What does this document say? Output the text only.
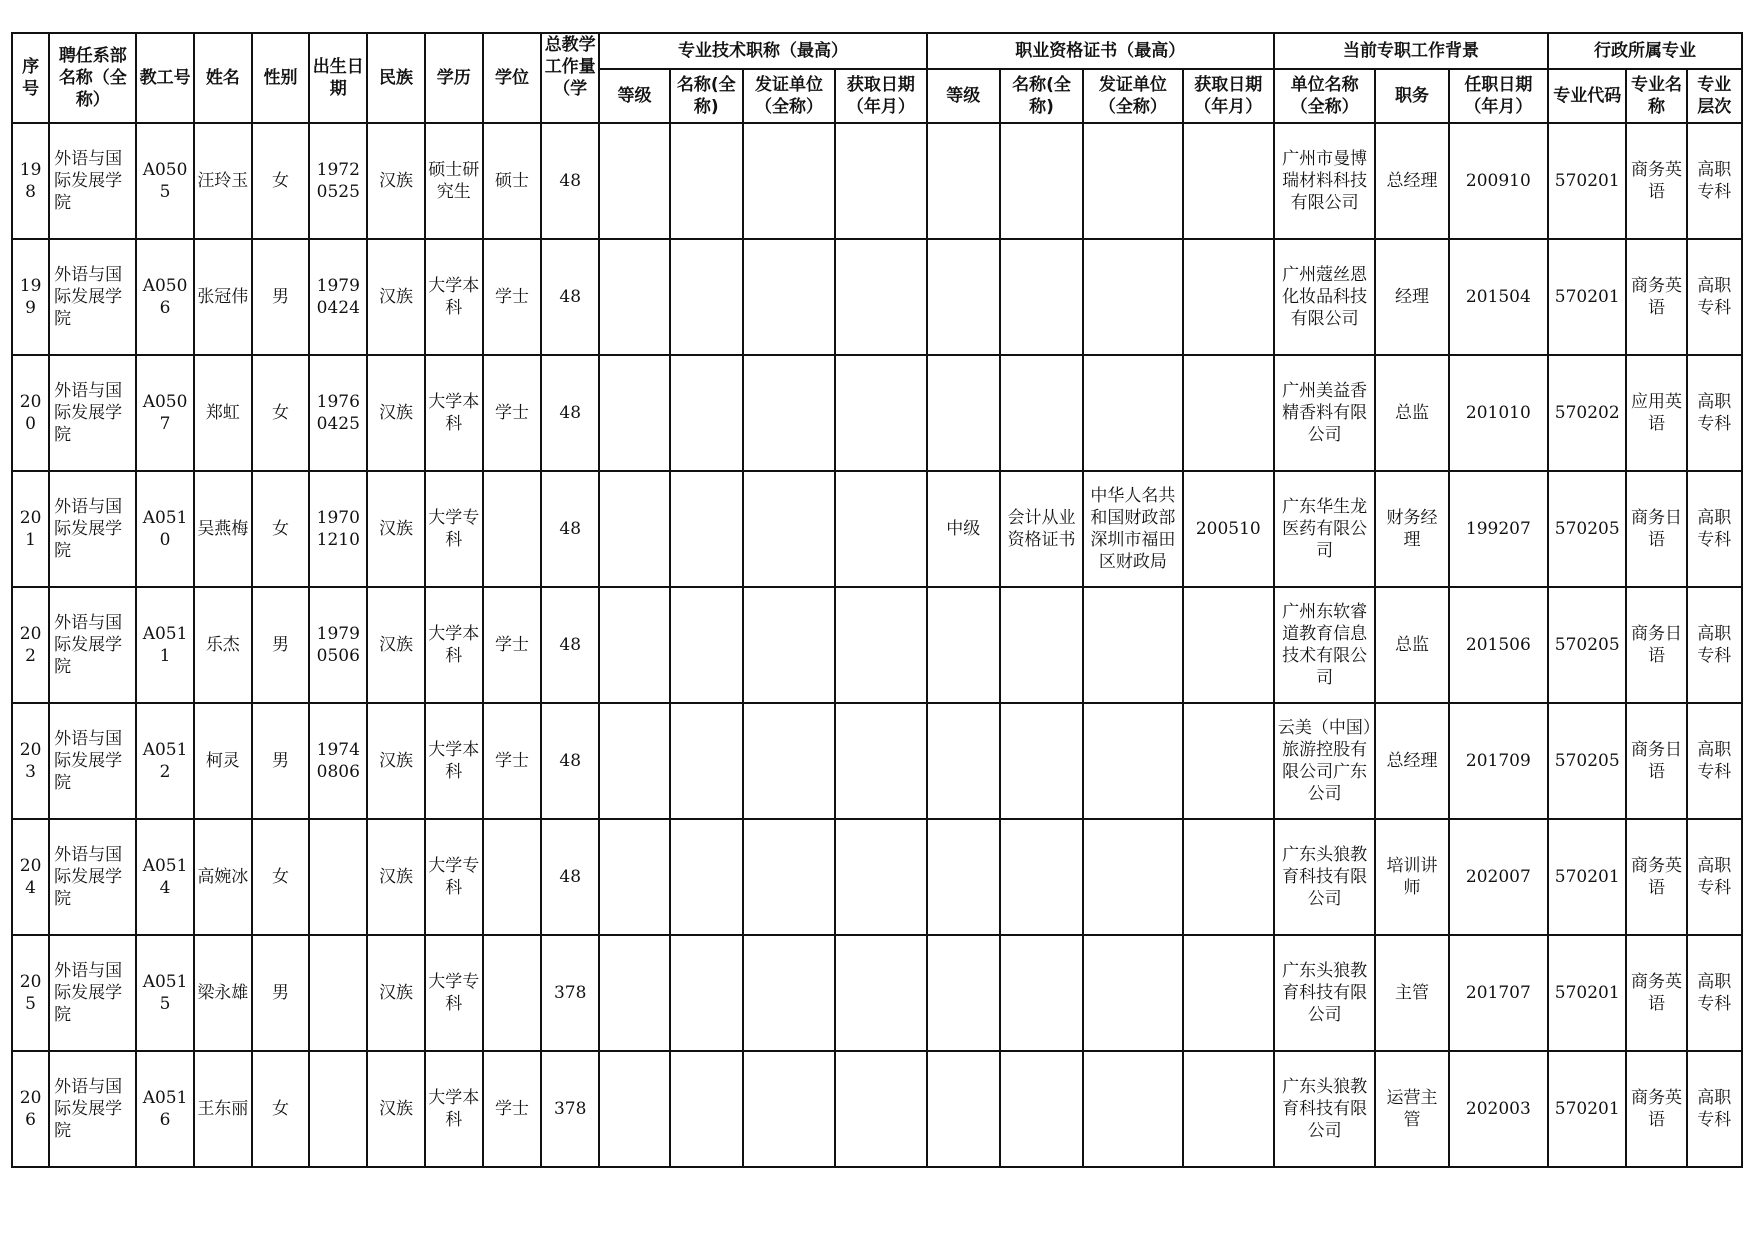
序号	聘任系部名称（全称）	教工号	姓名	性别	出生日期	民族	学历	学位	总教学工作量（学	专业技术职称（最高）				职业资格证书（最高）				当前专职工作背景			行政所属专业		
										等级	名称(全称)	发证单位（全称）	获取日期（年月）	等级	名称(全称)	发证单位（全称）	获取日期（年月）	单位名称（全称）	职务	任职日期（年月）	专业代码	专业名称	专业层次
198	外语与国际发展学院	A0505	汪玲玉	女	19720525	汉族	硕士研究生	硕士	48									广州市曼博瑞材料科技有限公司	总经理	200910	570201	商务英语	高职专科
199	外语与国际发展学院	A0506	张冠伟	男	19790424	汉族	大学本科	学士	48									广州蔻丝恩化妆品科技有限公司	经理	201504	570201	商务英语	高职专科
200	外语与国际发展学院	A0507	郑虹	女	19760425	汉族	大学本科	学士	48									广州美益香精香料有限公司	总监	201010	570202	应用英语	高职专科
201	外语与国际发展学院	A0510	吴燕梅	女	19701210	汉族	大学专科		48					中级	会计从业资格证书	中华人名共和国财政部深圳市福田区财政局	200510	广东华生龙医药有限公司	财务经理	199207	570205	商务日语	高职专科
202	外语与国际发展学院	A0511	乐杰	男	19790506	汉族	大学本科	学士	48									广州东软睿道教育信息技术有限公司	总监	201506	570205	商务日语	高职专科
203	外语与国际发展学院	A0512	柯灵	男	19740806	汉族	大学本科	学士	48									云美（中国）旅游控股有限公司广东公司	总经理	201709	570205	商务日语	高职专科
204	外语与国际发展学院	A0514	高婉冰	女		汉族	大学专科		48									广东头狼教育科技有限公司	培训讲师	202007	570201	商务英语	高职专科
205	外语与国际发展学院	A0515	梁永雄	男		汉族	大学专科		378									广东头狼教育科技有限公司	主管	201707	570201	商务英语	高职专科
206	外语与国际发展学院	A0516	王东丽	女		汉族	大学本科	学士	378									广东头狼教育科技有限公司	运营主管	202003	570201	商务英语	高职专科
